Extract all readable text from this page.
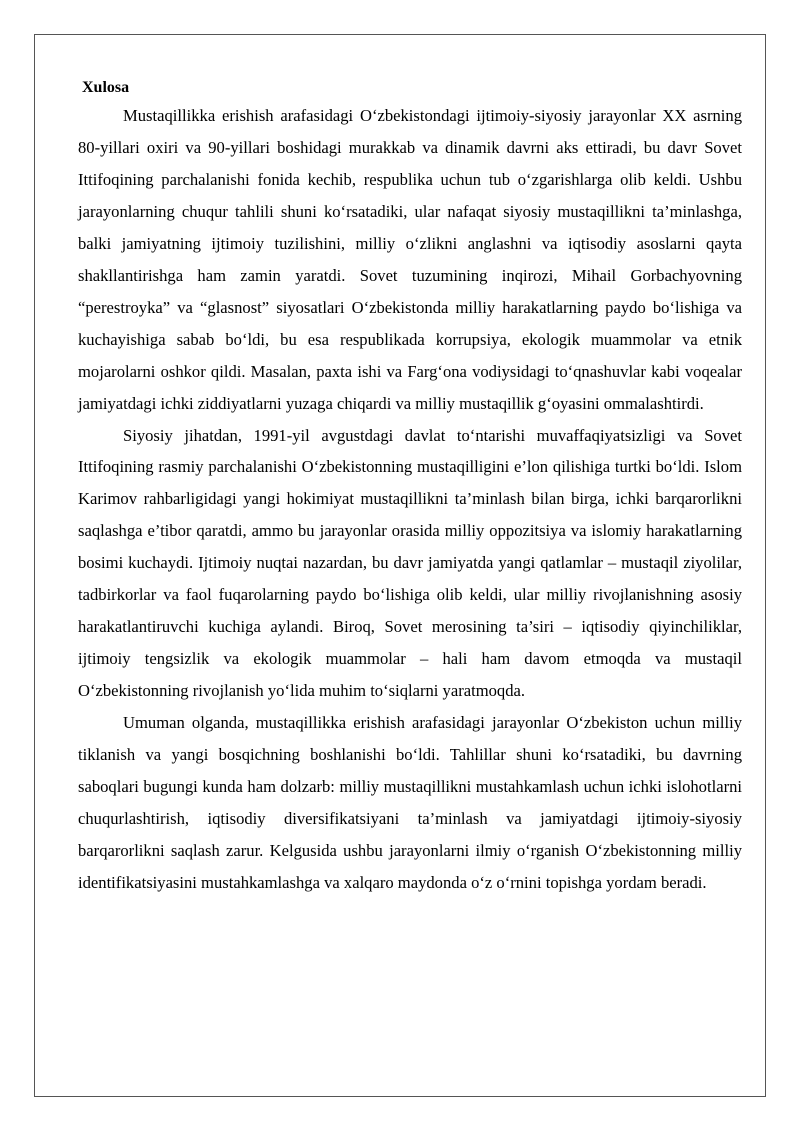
Xulosa

Mustaqillikka erishish arafasidagi O‘zbekistondagi ijtimoiy-siyosiy jarayonlar XX asrning 80-yillari oxiri va 90-yillari boshidagi murakkab va dinamik davrni aks ettiradi, bu davr Sovet Ittifoqining parchalanishi fonida kechib, respublika uchun tub o‘zgarishlarga olib keldi. Ushbu jarayonlarning chuqur tahlili shuni ko‘rsatadiki, ular nafaqat siyosiy mustaqillikni ta’minlashga, balki jamiyatning ijtimoiy tuzilishini, milliy o‘zlikni anglashni va iqtisodiy asoslarni qayta shakllantirishga ham zamin yaratdi. Sovet tuzumining inqirozi, Mihail Gorbachyovning “perestroyka” va “glasnost” siyosatlari O‘zbekistonda milliy harakatlarning paydo bo‘lishiga va kuchayishiga sabab bo‘ldi, bu esa respublikada korrupsiya, ekologik muammolar va etnik mojarolarni oshkor qildi. Masalan, paxta ishi va Farg‘ona vodiysidagi to‘qnashuvlar kabi voqealar jamiyatdagi ichki ziddiyatlarni yuzaga chiqardi va milliy mustaqillik g‘oyasini ommalashtirdi.

Siyosiy jihatdan, 1991-yil avgustdagi davlat to‘ntarishi muvaffaqiyatsizligi va Sovet Ittifoqining rasmiy parchalanishi O‘zbekistonning mustaqilligini e’lon qilishiga turtki bo‘ldi. Islom Karimov rahbarligidagi yangi hokimiyat mustaqillikni ta’minlash bilan birga, ichki barqarorlikni saqlashga e’tibor qaratdi, ammo bu jarayonlar orasida milliy oppozitsiya va islomiy harakatlarning bosimi kuchaydi. Ijtimoiy nuqtai nazardan, bu davr jamiyatda yangi qatlamlar – mustaqil ziyolilar, tadbirkorlar va faol fuqarolarning paydo bo‘lishiga olib keldi, ular milliy rivojlanishning asosiy harakatlantiruvchi kuchiga aylandi. Biroq, Sovet merosining ta’siri – iqtisodiy qiyinchiliklar, ijtimoiy tengsizlik va ekologik muammolar – hali ham davom etmoqda va mustaqil O‘zbekistonning rivojlanish yo‘lida muhim to‘siqlarni yaratmoqda.

Umuman olganda, mustaqillikka erishish arafasidagi jarayonlar O‘zbekiston uchun milliy tiklanish va yangi bosqichning boshlanishi bo‘ldi. Tahlillar shuni ko‘rsatadiki, bu davrning saboqlari bugungi kunda ham dolzarb: milliy mustaqillikni mustahkamlash uchun ichki islohotlarni chuqurlashtirish, iqtisodiy diversifikatsiyani ta’minlash va jamiyatdagi ijtimoiy-siyosiy barqarorlikni saqlash zarur. Kelgusida ushbu jarayonlarni ilmiy o‘rganish O‘zbekistonning milliy identifikatsiyasini mustahkamlashga va xalqaro maydonda o‘z o‘rnini topishga yordam beradi.
